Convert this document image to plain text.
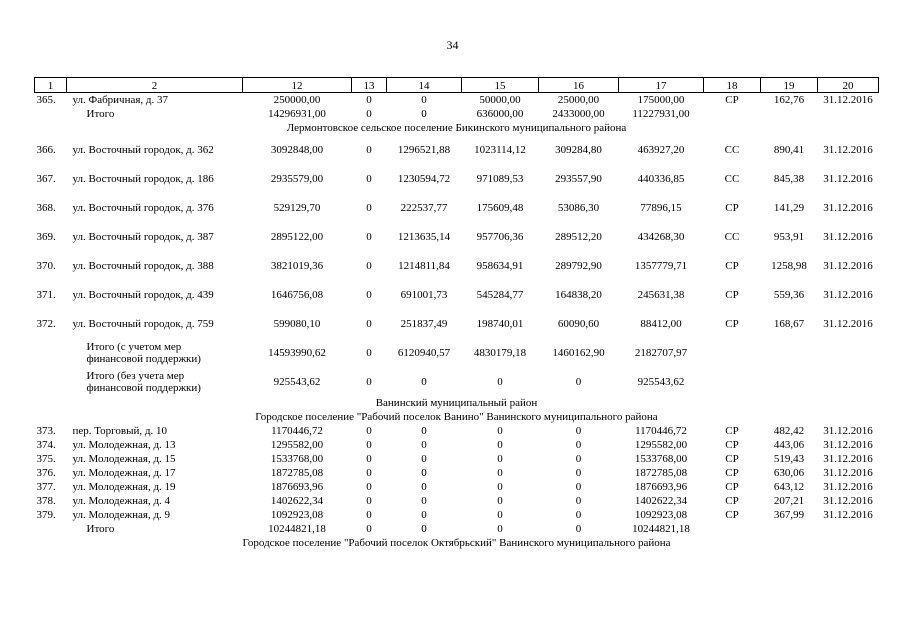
34
1	2	12	13	14	15	16	17	18	19	20
365.	ул. Фабричная, д. 37	250000,00	0	0	50000,00	25000,00	175000,00	СР	162,76	31.12.2016
	Итого	14296931,00	0	0	636000,00	2433000,00	11227931,00			
Лермонтовское сельское поселение Бикинского муниципального района										
366.	ул. Восточный городок, д. 362	3092848,00	0	1296521,88	1023114,12	309284,80	463927,20	СС	890,41	31.12.2016
367.	ул. Восточный городок, д. 186	2935579,00	0	1230594,72	971089,53	293557,90	440336,85	СС	845,38	31.12.2016
368.	ул. Восточный городок, д. 376	529129,70	0	222537,77	175609,48	53086,30	77896,15	СР	141,29	31.12.2016
369.	ул. Восточный городок, д. 387	2895122,00	0	1213635,14	957706,36	289512,20	434268,30	СС	953,91	31.12.2016
370.	ул. Восточный городок, д. 388	3821019,36	0	1214811,84	958634,91	289792,90	1357779,71	СР	1258,98	31.12.2016
371.	ул. Восточный городок, д. 439	1646756,08	0	691001,73	545284,77	164838,20	245631,38	СР	559,36	31.12.2016
372.	ул. Восточный городок, д. 759	599080,10	0	251837,49	198740,01	60090,60	88412,00	СР	168,67	31.12.2016
	Итого (с учетом мер финансовой поддержки)	14593990,62	0	6120940,57	4830179,18	1460162,90	2182707,97			
	Итого (без учета мер финансовой поддержки)	925543,62	0	0	0	0	925543,62			
Ванинский муниципальный район										
Городское поселение "Рабочий поселок Ванино" Ванинского муниципального района										
373.	пер. Торговый, д. 10	1170446,72	0	0	0	0	1170446,72	СР	482,42	31.12.2016
374.	ул. Молодежная, д. 13	1295582,00	0	0	0	0	1295582,00	СР	443,06	31.12.2016
375.	ул. Молодежная, д. 15	1533768,00	0	0	0	0	1533768,00	СР	519,43	31.12.2016
376.	ул. Молодежная, д. 17	1872785,08	0	0	0	0	1872785,08	СР	630,06	31.12.2016
377.	ул. Молодежная, д. 19	1876693,96	0	0	0	0	1876693,96	СР	643,12	31.12.2016
378.	ул. Молодежная, д. 4	1402622,34	0	0	0	0	1402622,34	СР	207,21	31.12.2016
379.	ул. Молодежная, д. 9	1092923,08	0	0	0	0	1092923,08	СР	367,99	31.12.2016
	Итого	10244821,18	0	0	0	0	10244821,18			
Городское поселение "Рабочий поселок Октябрьский" Ванинского муниципального района										
